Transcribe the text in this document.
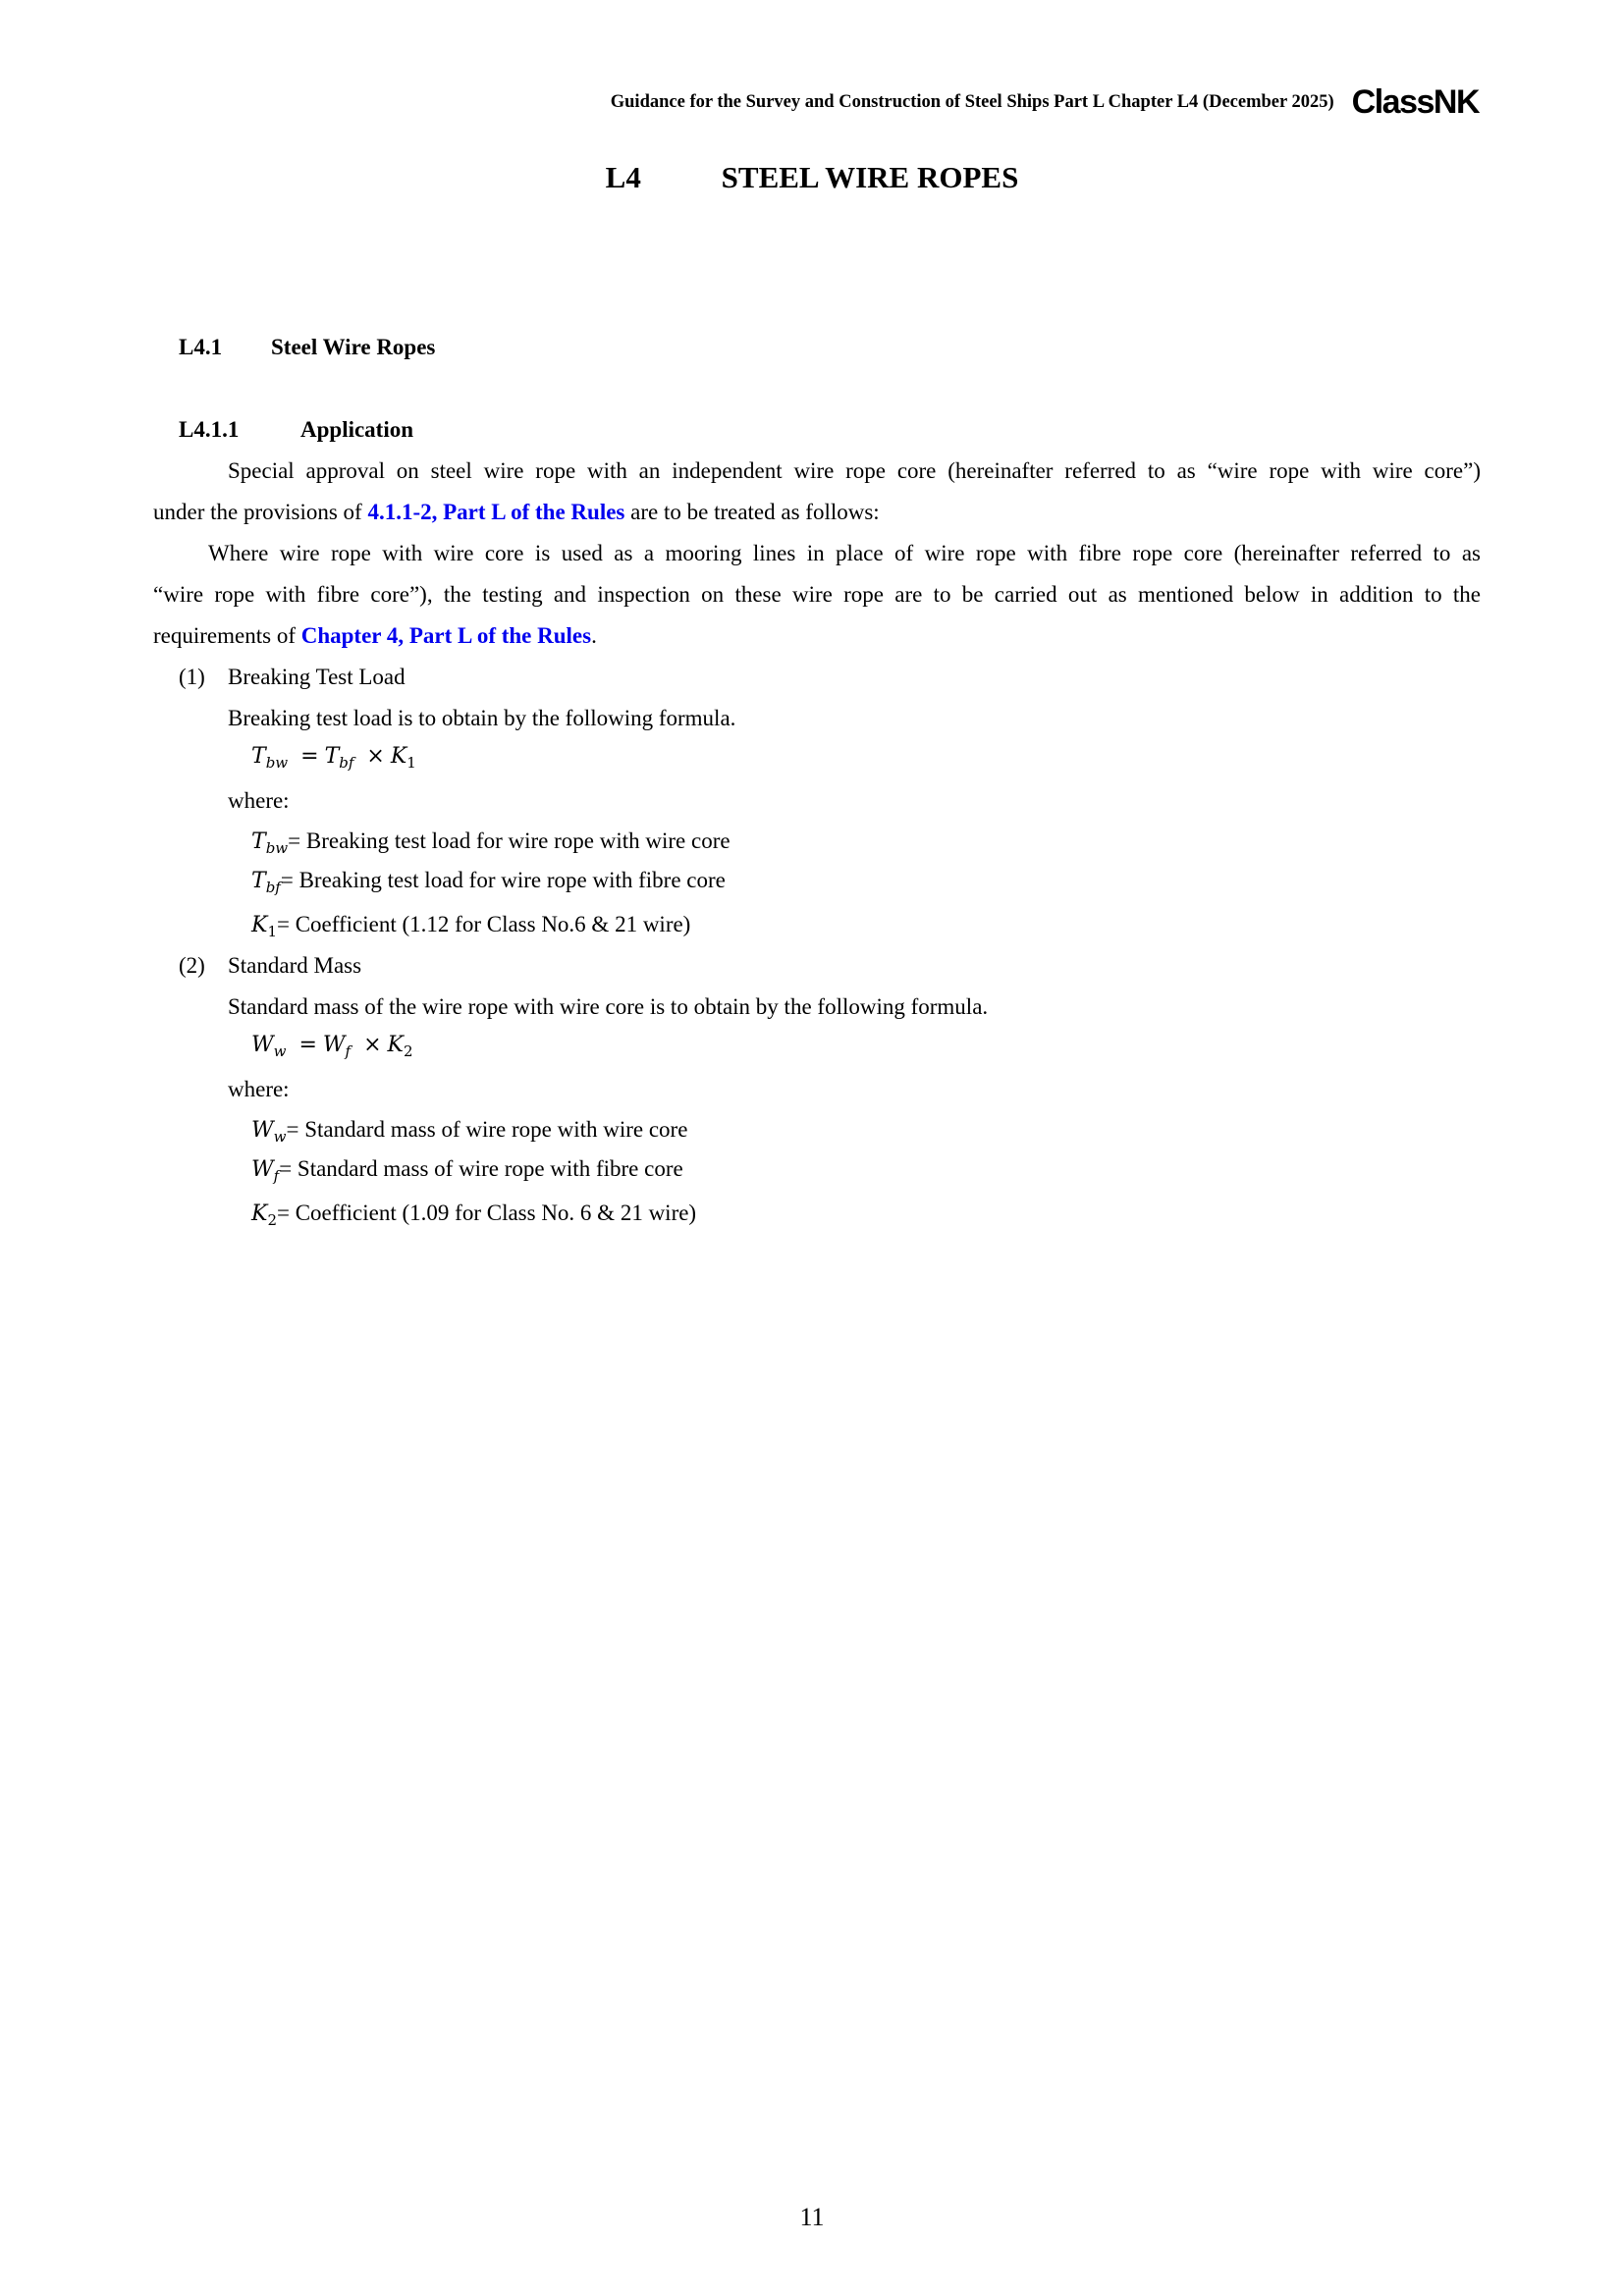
Guidance for the Survey and Construction of Steel Ships Part L Chapter L4 (December 2025) ClassNK
L4	STEEL WIRE ROPES
L4.1 Steel Wire Ropes
L4.1.1	Application
Special approval on steel wire rope with an independent wire rope core (hereinafter referred to as “wire rope with wire core”)
under the provisions of 4.1.1-2, Part L of the Rules are to be treated as follows:
Where wire rope with wire core is used as a mooring lines in place of wire rope with fibre rope core (hereinafter referred to as
“wire rope with fibre core”), the testing and inspection on these wire rope are to be carried out as mentioned below in addition to the
requirements of Chapter 4, Part L of the Rules.
(1) Breaking Test Load
Breaking test load is to obtain by the following formula.
$T_{bw} = T_{bf} \times K_1$
where:
$T_{bw}=$ Breaking test load for wire rope with wire core
$T_{bf}=$ Breaking test load for wire rope with fibre core
$K_1=$ Coefficient (1.12 for Class No.6 & 21 wire)
(2) Standard Mass
Standard mass of the wire rope with wire core is to obtain by the following formula.
$W_w = W_f \times K_2$
where:
$W_w=$ Standard mass of wire rope with wire core
$W_f=$ Standard mass of wire rope with fibre core
$K_2=$ Coefficient (1.09 for Class No. 6 & 21 wire)
11
